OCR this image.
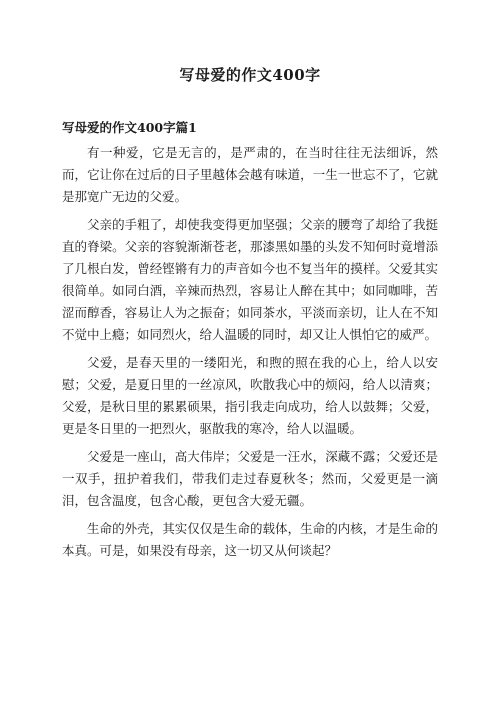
写母爱的作文400字
写母爱的作文400字篇1

有一种爱，它是无言的，是严肃的，在当时往往无法细诉，然而，它让你在过后的日子里越体会越有味道，一生一世忘不了，它就是那宽广无边的父爱。

父亲的手粗了，却使我变得更加坚强；父亲的腰弯了却给了我挺直的脊梁。父亲的容貌渐渐苍老，那漆黑如墨的头发不知何时竟增添了几根白发，曾经铿锵有力的声音如今也不复当年的摸样。父爱其实很简单。如同白酒，辛辣而热烈，容易让人醉在其中；如同咖啡，苦涩而醇香，容易让人为之振奋；如同茶水，平淡而亲切，让人在不知不觉中上瘾；如同烈火，给人温暖的同时，却又让人惧怕它的威严。

父爱，是春天里的一缕阳光，和煦的照在我的心上，给人以安慰；父爱，是夏日里的一丝凉风，吹散我心中的烦闷，给人以清爽；父爱，是秋日里的累累硕果，指引我走向成功，给人以鼓舞；父爱，更是冬日里的一把烈火，驱散我的寒冷，给人以温暖。

父爱是一座山，高大伟岸；父爱是一汪水，深藏不露；父爱还是一双手，扭护着我们，带我们走过春夏秋冬；然而，父爱更是一滴泪，包含温度，包含心酸，更包含大爱无疆。

生命的外壳，其实仅仅是生命的载体，生命的内核，才是生命的本真。可是，如果没有母亲，这一切又从何谈起？
